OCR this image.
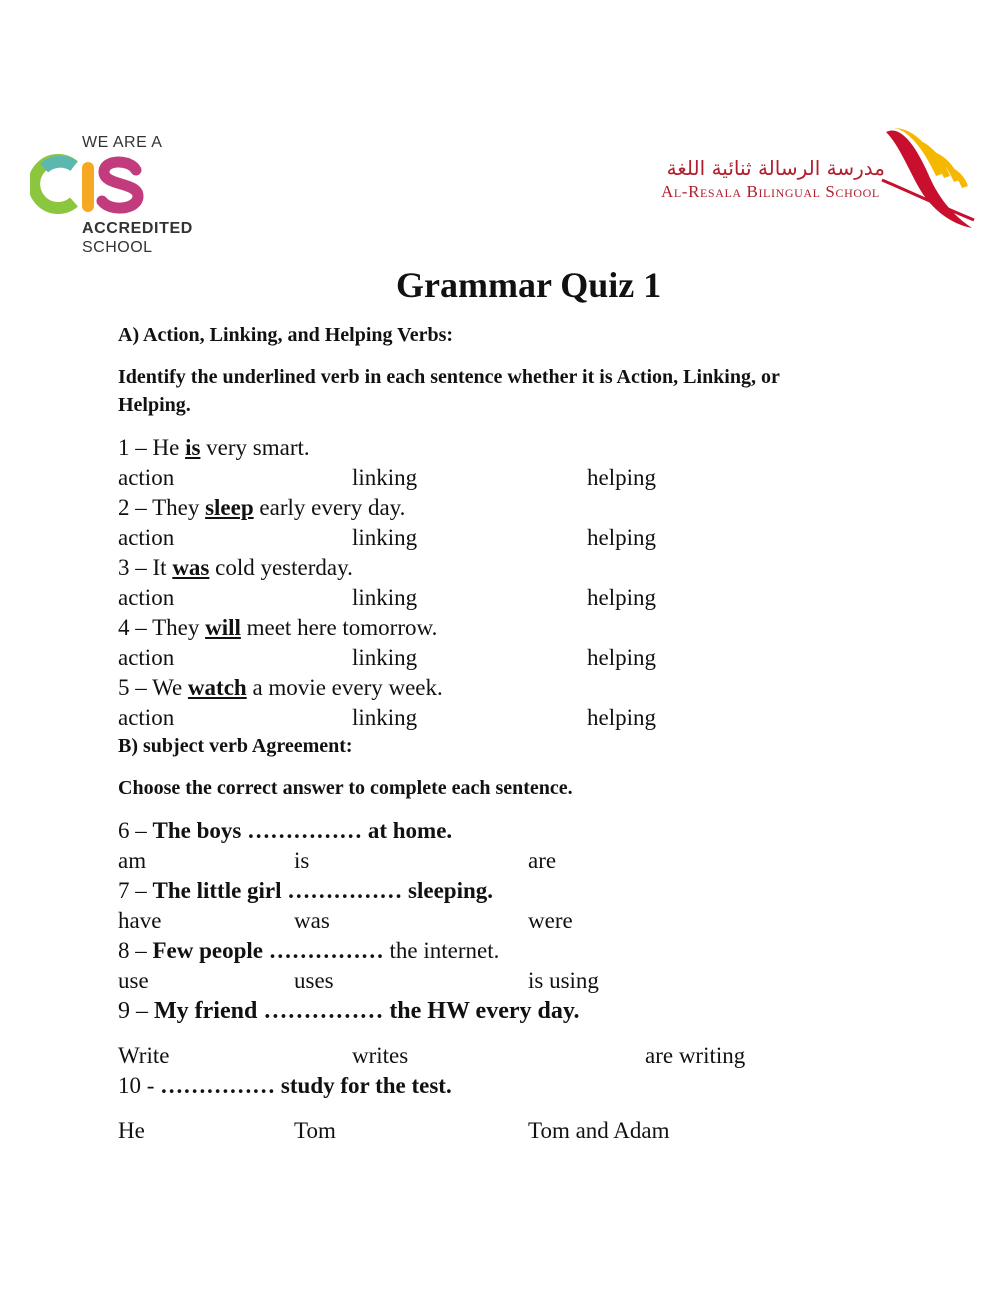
WE ARE A
ACCREDITED
SCHOOL
مدرسة الرسالة ثنائية اللغة
Al-Resala Bilingual School
Grammar Quiz 1
A) Action, Linking, and Helping Verbs:
Identify the underlined verb in each sentence whether it is Action, Linking, or
Helping.
1 – He is very smart.
action	linking	helping
2 – They sleep early every day.
action	linking	helping
3 – It was cold yesterday.
action	linking	helping
4 – They will meet here tomorrow.
action	linking	helping
5 – We watch a movie every week.
action	linking	helping
B) subject verb Agreement:
Choose the correct answer to complete each sentence.
6 – The boys …………… at home.
am	is	are
7 – The little girl …………… sleeping.
have	was	were
8 – Few people …………… the internet.
use	uses	is using
9 – My friend …………… the HW every day.
Write	writes	are writing
10 - …………… study for the test.
He	Tom	Tom and Adam
